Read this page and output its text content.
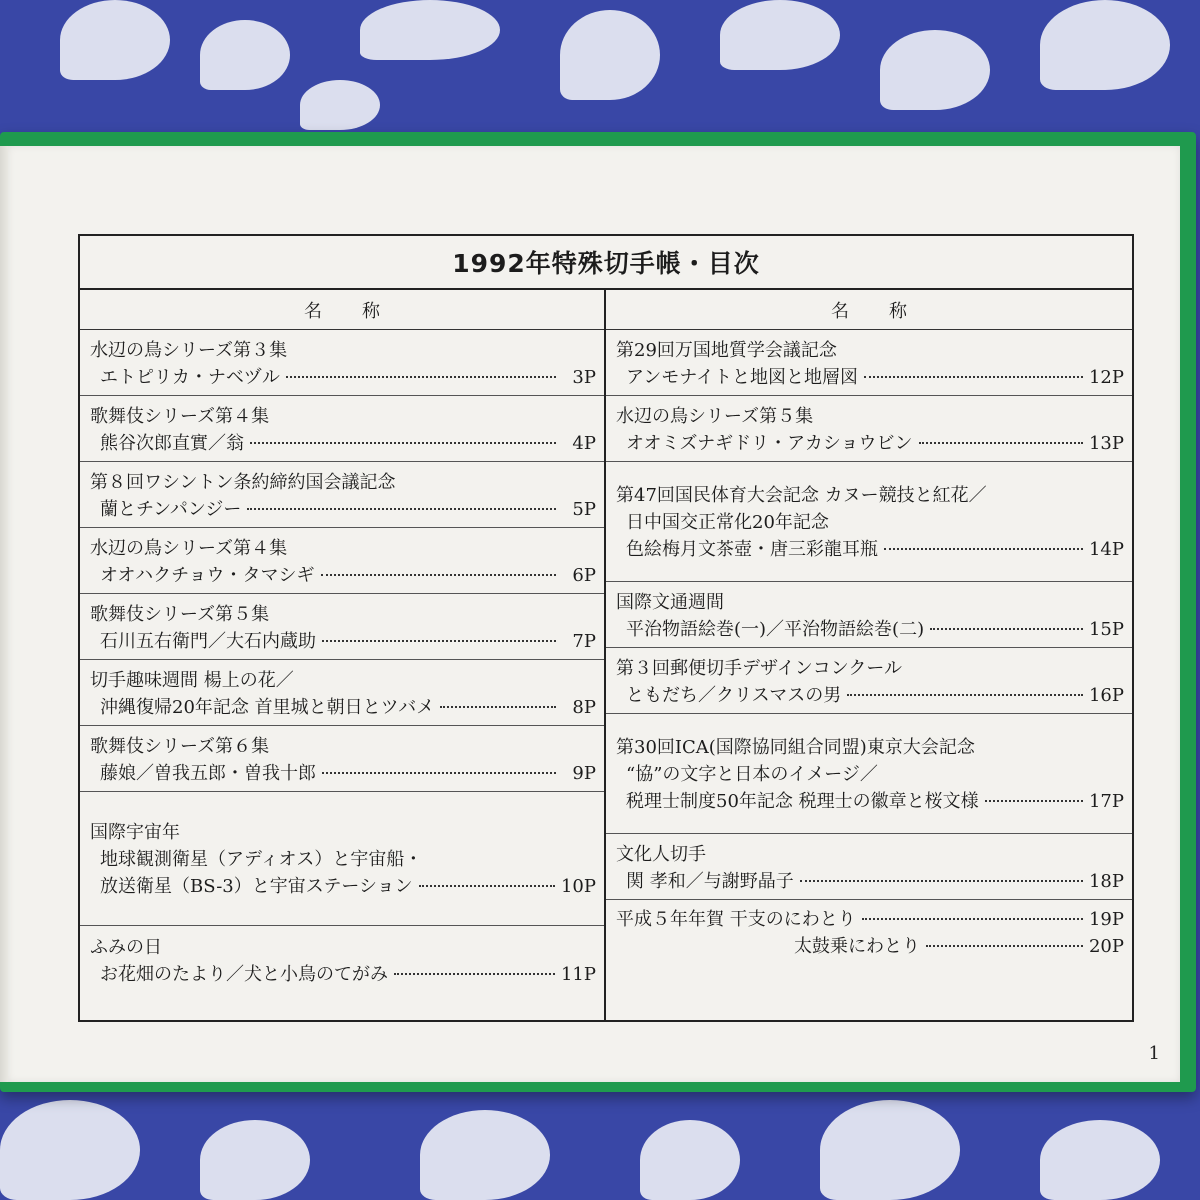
1992年特殊切手帳・目次
名称
水辺の鳥シリーズ第３集
エトピリカ・ナベヅル	3P
歌舞伎シリーズ第４集
熊谷次郎直實／翁	4P
第８回ワシントン条約締約国会議記念
蘭とチンパンジー	5P
水辺の鳥シリーズ第４集
オオハクチョウ・タマシギ	6P
歌舞伎シリーズ第５集
石川五右衛門／大石内蔵助	7P
切手趣味週間 楊上の花／
沖縄復帰20年記念 首里城と朝日とツバメ	8P
歌舞伎シリーズ第６集
藤娘／曽我五郎・曽我十郎	9P
国際宇宙年
地球観測衛星（アディオス）と宇宙船・
放送衛星（BS-3）と宇宙ステーション	10P
ふみの日
お花畑のたより／犬と小鳥のてがみ	11P
名称
第29回万国地質学会議記念
アンモナイトと地図と地層図	12P
水辺の鳥シリーズ第５集
オオミズナギドリ・アカショウビン	13P
第47回国民体育大会記念 カヌー競技と紅花／
日中国交正常化20年記念
色絵梅月文茶壺・唐三彩龍耳瓶	14P
国際文通週間
平治物語絵巻(一)／平治物語絵巻(二)	15P
第３回郵便切手デザインコンクール
ともだち／クリスマスの男	16P
第30回ICA(国際協同組合同盟)東京大会記念
“協”の文字と日本のイメージ／
税理士制度50年記念 税理士の徽章と桜文様	17P
文化人切手
関 孝和／与謝野晶子	18P
平成５年年賀 干支のにわとり	19P
太鼓乗にわとり	20P
1
